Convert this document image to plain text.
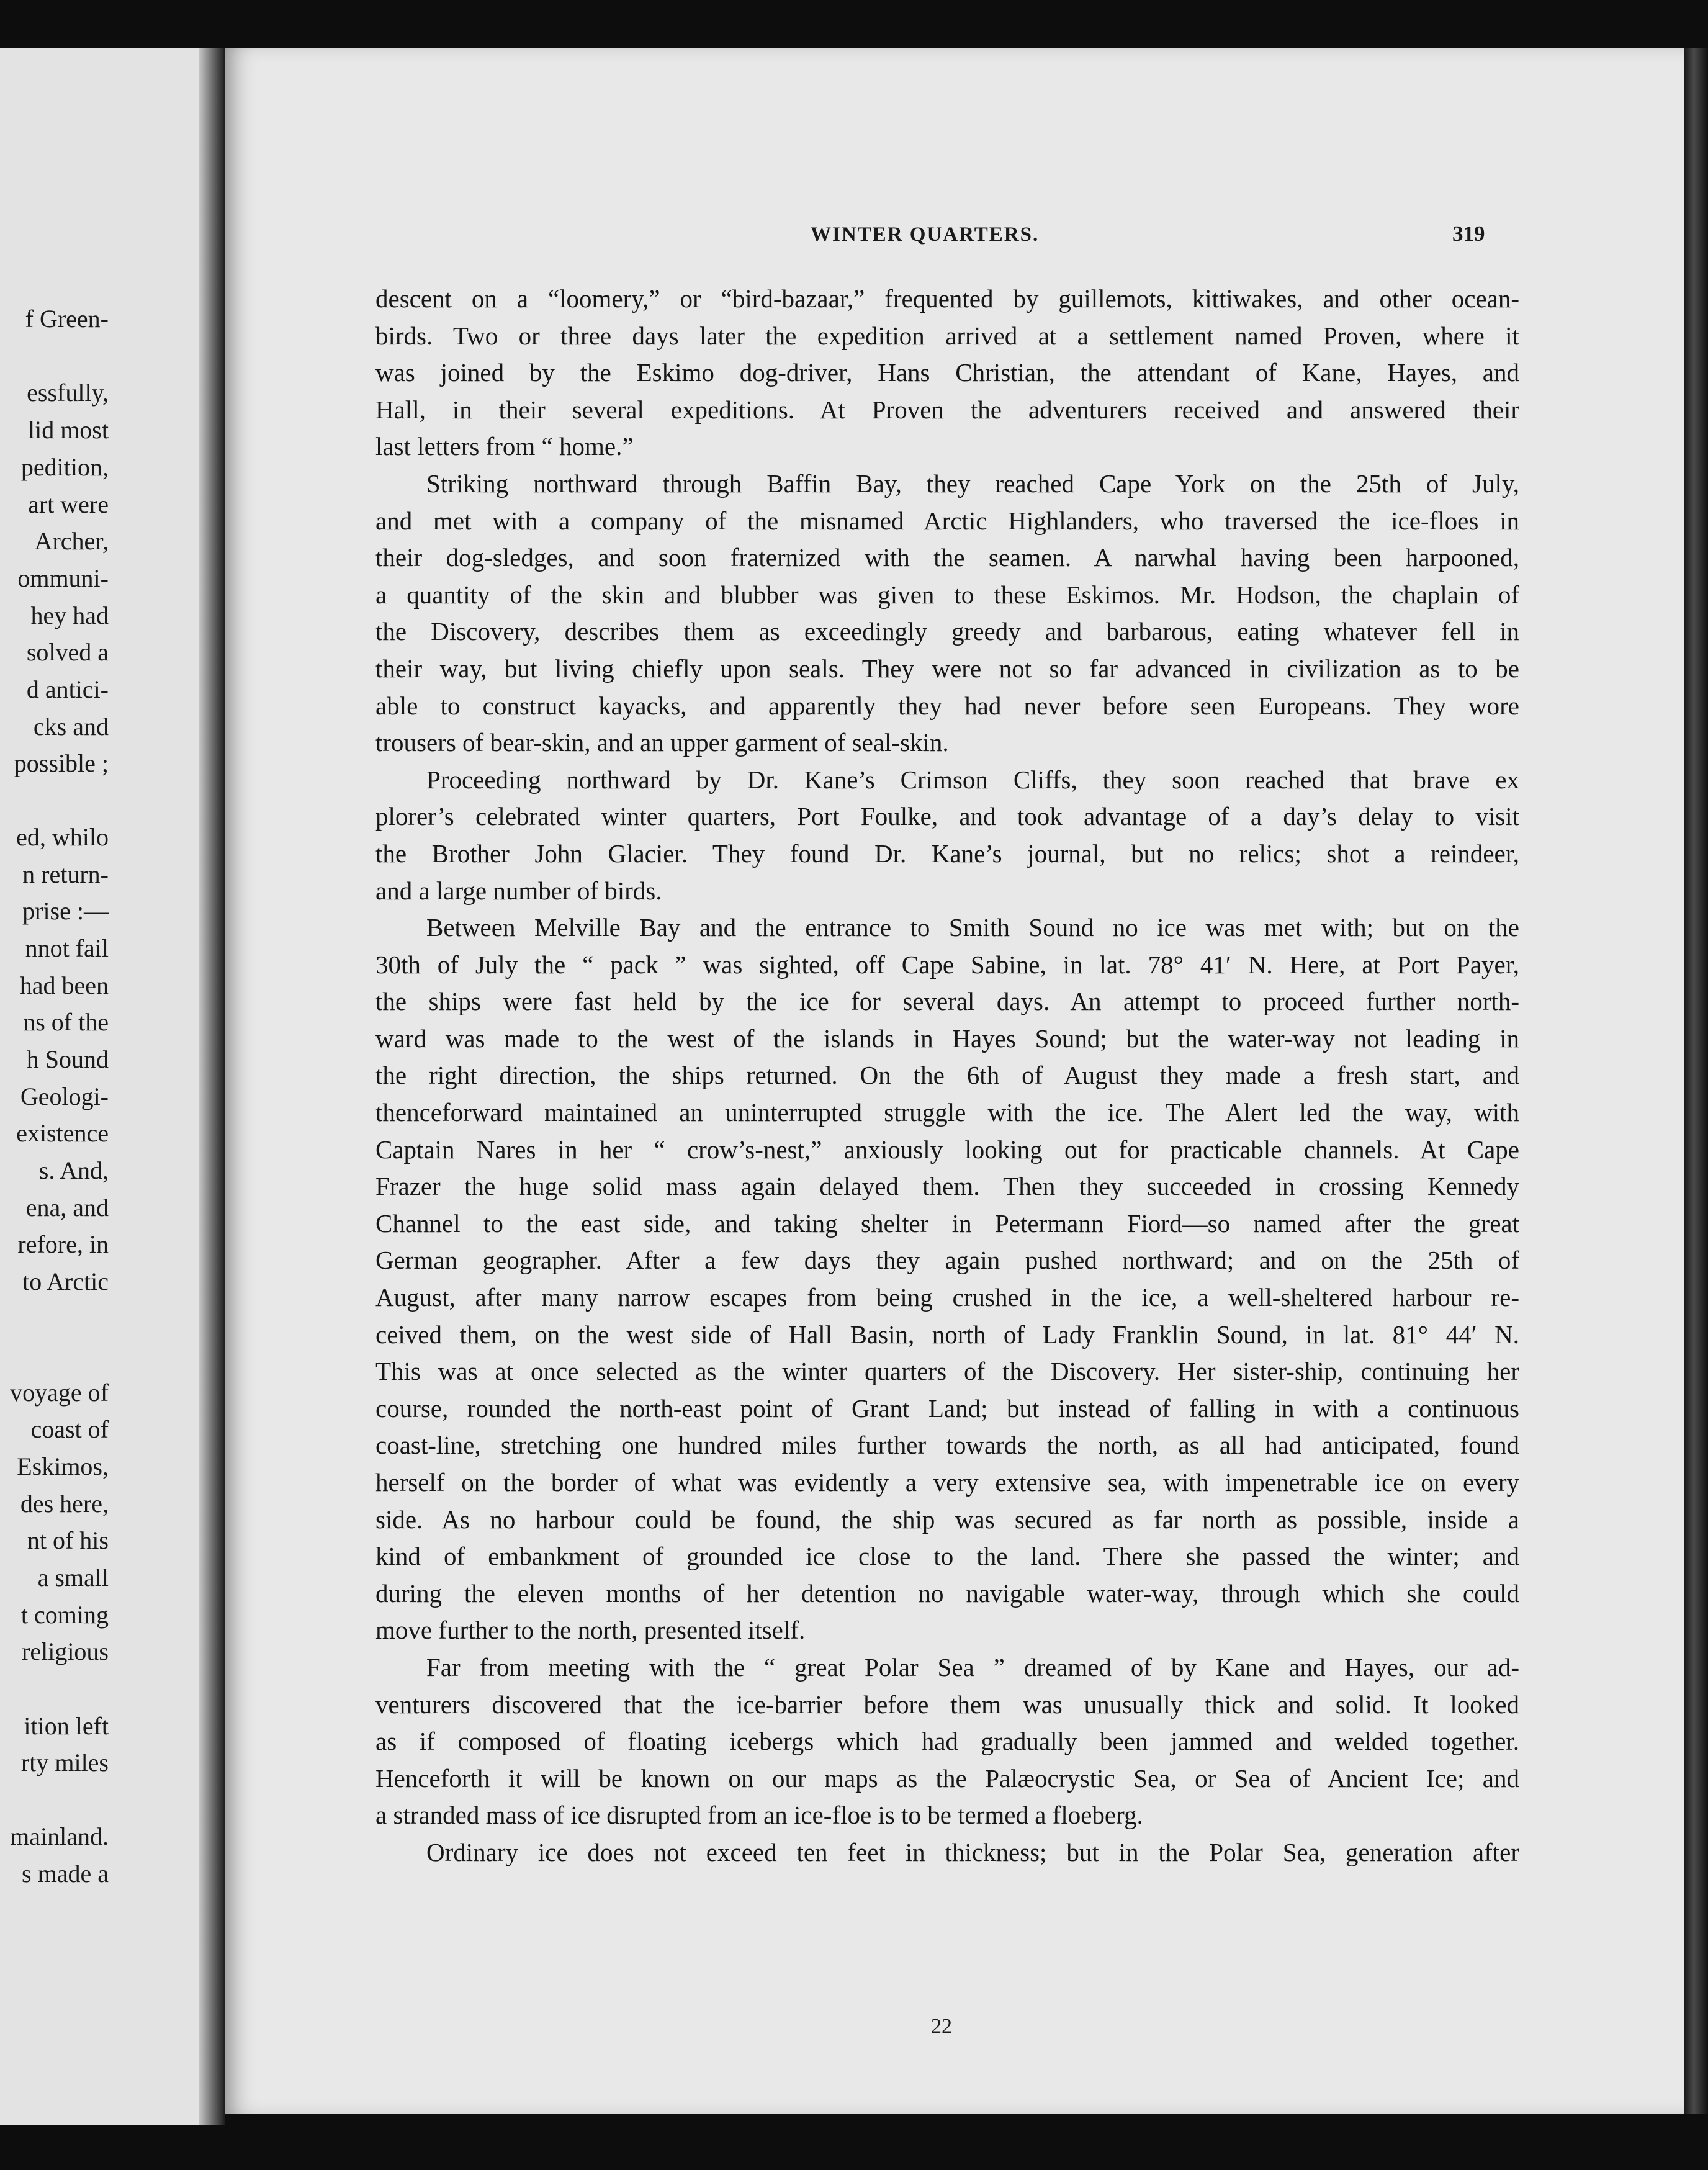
f Green-
essfully,
lid most
pedition,
art were
Archer,
ommuni-
hey had
solved a
d antici-
cks and
possible ;
ed, whilo
n return-
prise :—
nnot fail
had been
ns of the
h Sound
Geologi-
existence
s. And,
ena, and
refore, in
to Arctic
voyage of
coast of
Eskimos,
des here,
nt of his
a small
t coming
religious
ition left
rty miles
mainland.
s made a
WINTER QUARTERS.	319
descent on a “loomery,” or “bird-bazaar,” frequented by guillemots, kittiwakes, and other ocean-
birds. Two or three days later the expedition arrived at a settlement named Proven, where it
was joined by the Eskimo dog-driver, Hans Christian, the attendant of Kane, Hayes, and
Hall, in their several expeditions. At Proven the adventurers received and answered their
last letters from “ home.”
Striking northward through Baffin Bay, they reached Cape York on the 25th of July,
and met with a company of the misnamed Arctic Highlanders, who traversed the ice-floes in
their dog-sledges, and soon fraternized with the seamen. A narwhal having been harpooned,
a quantity of the skin and blubber was given to these Eskimos. Mr. Hodson, the chaplain of
the Discovery, describes them as exceedingly greedy and barbarous, eating whatever fell in
their way, but living chiefly upon seals. They were not so far advanced in civilization as to be
able to construct kayacks, and apparently they had never before seen Europeans. They wore
trousers of bear-skin, and an upper garment of seal-skin.
Proceeding northward by Dr. Kane’s Crimson Cliffs, they soon reached that brave ex
plorer’s celebrated winter quarters, Port Foulke, and took advantage of a day’s delay to visit
the Brother John Glacier. They found Dr. Kane’s journal, but no relics; shot a reindeer,
and a large number of birds.
Between Melville Bay and the entrance to Smith Sound no ice was met with; but on the
30th of July the “ pack ” was sighted, off Cape Sabine, in lat. 78° 41′ N. Here, at Port Payer,
the ships were fast held by the ice for several days. An attempt to proceed further north-
ward was made to the west of the islands in Hayes Sound; but the water-way not leading in
the right direction, the ships returned. On the 6th of August they made a fresh start, and
thenceforward maintained an uninterrupted struggle with the ice. The Alert led the way, with
Captain Nares in her “ crow’s-nest,” anxiously looking out for practicable channels. At Cape
Frazer the huge solid mass again delayed them. Then they succeeded in crossing Kennedy
Channel to the east side, and taking shelter in Petermann Fiord—so named after the great
German geographer. After a few days they again pushed northward; and on the 25th of
August, after many narrow escapes from being crushed in the ice, a well-sheltered harbour re-
ceived them, on the west side of Hall Basin, north of Lady Franklin Sound, in lat. 81° 44′ N.
This was at once selected as the winter quarters of the Discovery. Her sister-ship, continuing her
course, rounded the north-east point of Grant Land; but instead of falling in with a continuous
coast-line, stretching one hundred miles further towards the north, as all had anticipated, found
herself on the border of what was evidently a very extensive sea, with impenetrable ice on every
side. As no harbour could be found, the ship was secured as far north as possible, inside a
kind of embankment of grounded ice close to the land. There she passed the winter; and
during the eleven months of her detention no navigable water-way, through which she could
move further to the north, presented itself.
Far from meeting with the “ great Polar Sea ” dreamed of by Kane and Hayes, our ad-
venturers discovered that the ice-barrier before them was unusually thick and solid. It looked
as if composed of floating icebergs which had gradually been jammed and welded together.
Henceforth it will be known on our maps as the Palæocrystic Sea, or Sea of Ancient Ice; and
a stranded mass of ice disrupted from an ice-floe is to be termed a floeberg.
Ordinary ice does not exceed ten feet in thickness; but in the Polar Sea, generation after
22
